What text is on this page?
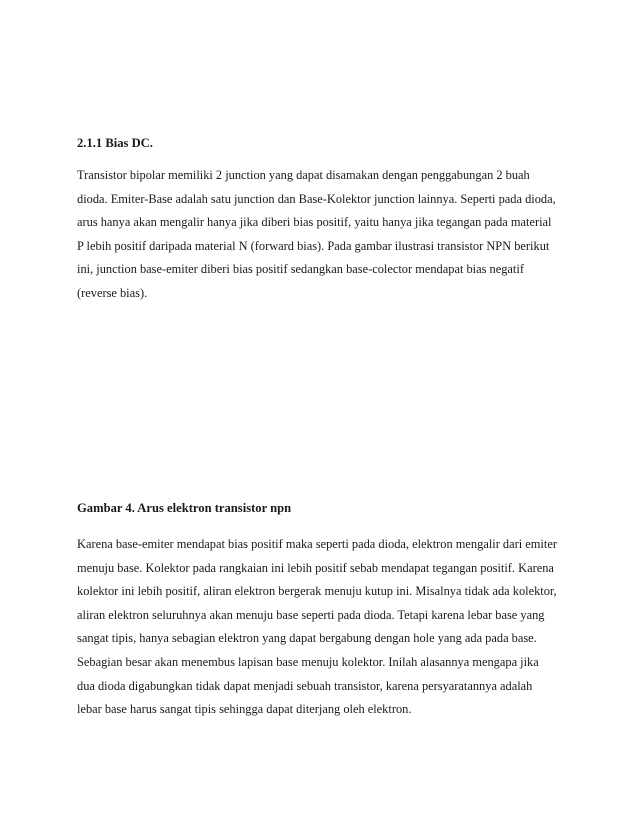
2.1.1 Bias DC.
Transistor bipolar memiliki 2 junction yang dapat disamakan dengan penggabungan 2 buah
dioda. Emiter-Base adalah satu junction dan Base-Kolektor junction lainnya. Seperti pada dioda,
arus hanya akan mengalir hanya jika diberi bias positif, yaitu hanya jika tegangan pada material
P lebih positif daripada material N (forward bias). Pada gambar ilustrasi transistor NPN berikut
ini, junction base-emiter diberi bias positif sedangkan base-colector mendapat bias negatif
(reverse bias).
Gambar 4. Arus elektron transistor npn
Karena base-emiter mendapat bias positif maka seperti pada dioda, elektron mengalir dari emiter
menuju base. Kolektor pada rangkaian ini lebih positif sebab mendapat tegangan positif. Karena
kolektor ini lebih positif, aliran elektron bergerak menuju kutup ini. Misalnya tidak ada kolektor,
aliran elektron seluruhnya akan menuju base seperti pada dioda. Tetapi karena lebar base yang
sangat tipis, hanya sebagian elektron yang dapat bergabung dengan hole yang ada pada base.
Sebagian besar akan menembus lapisan base menuju kolektor. Inilah alasannya mengapa jika
dua dioda digabungkan tidak dapat menjadi sebuah transistor, karena persyaratannya adalah
lebar base harus sangat tipis sehingga dapat diterjang oleh elektron.
